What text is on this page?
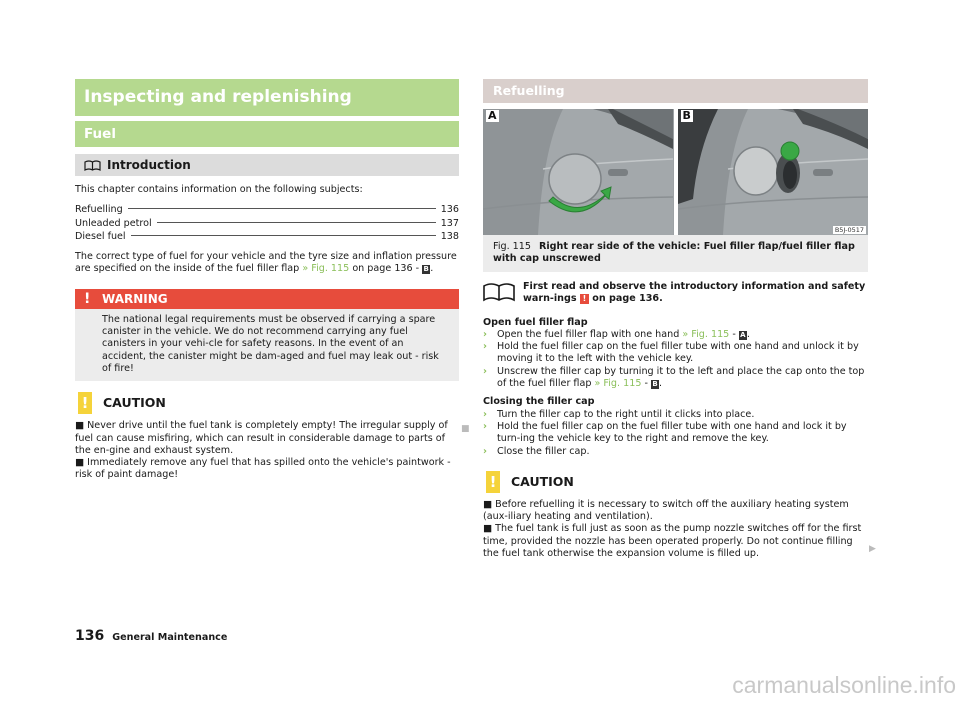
Inspecting and replenishing
Fuel
Introduction

This chapter contains information on the following subjects:

Refuelling	136
Unleaded petrol	137
Diesel fuel	138

The correct type of fuel for your vehicle and the tyre size and inflation pressure are specified on the inside of the fuel filler flap » Fig. 115 on page 136 - B.

! WARNING

The national legal requirements must be observed if carrying a spare canister in the vehicle. We do not recommend carrying any fuel canisters in your vehi-cle for safety reasons. In the event of an accident, the canister might be dam-aged and fuel may leak out - risk of fire!

! CAUTION

■ Never drive until the fuel tank is completely empty! The irregular supply of fuel can cause misfiring, which can result in considerable damage to parts of the en-gine and exhaust system.

■ Immediately remove any fuel that has spilled onto the vehicle's paintwork - risk of paint damage!

■
Refuelling
A	B
B5J-0517

Fig. 115 Right rear side of the vehicle: Fuel filler flap/fuel filler flap with cap unscrewed

First read and observe the introductory information and safety warn-ings ! on page 136.

Open fuel filler flap

›	Open the fuel filler flap with one hand » Fig. 115 - A.
›	Hold the fuel filler cap on the fuel filler tube with one hand and unlock it by moving it to the left with the vehicle key.
›	Unscrew the filler cap by turning it to the left and place the cap onto the top of the fuel filler flap » Fig. 115 - B.

Closing the filler cap

›	Turn the filler cap to the right until it clicks into place.
›	Hold the fuel filler cap on the fuel filler tube with one hand and lock it by turn-ing the vehicle key to the right and remove the key.
›	Close the filler cap.
! CAUTION

■ Before refuelling it is necessary to switch off the auxiliary heating system (aux-iliary heating and ventilation).

■ The fuel tank is full just as soon as the pump nozzle switches off for the first time, provided the nozzle has been operated properly. Do not continue filling the fuel tank otherwise the expansion volume is filled up.	▶
136 General Maintenance
carmanualsonline.info
